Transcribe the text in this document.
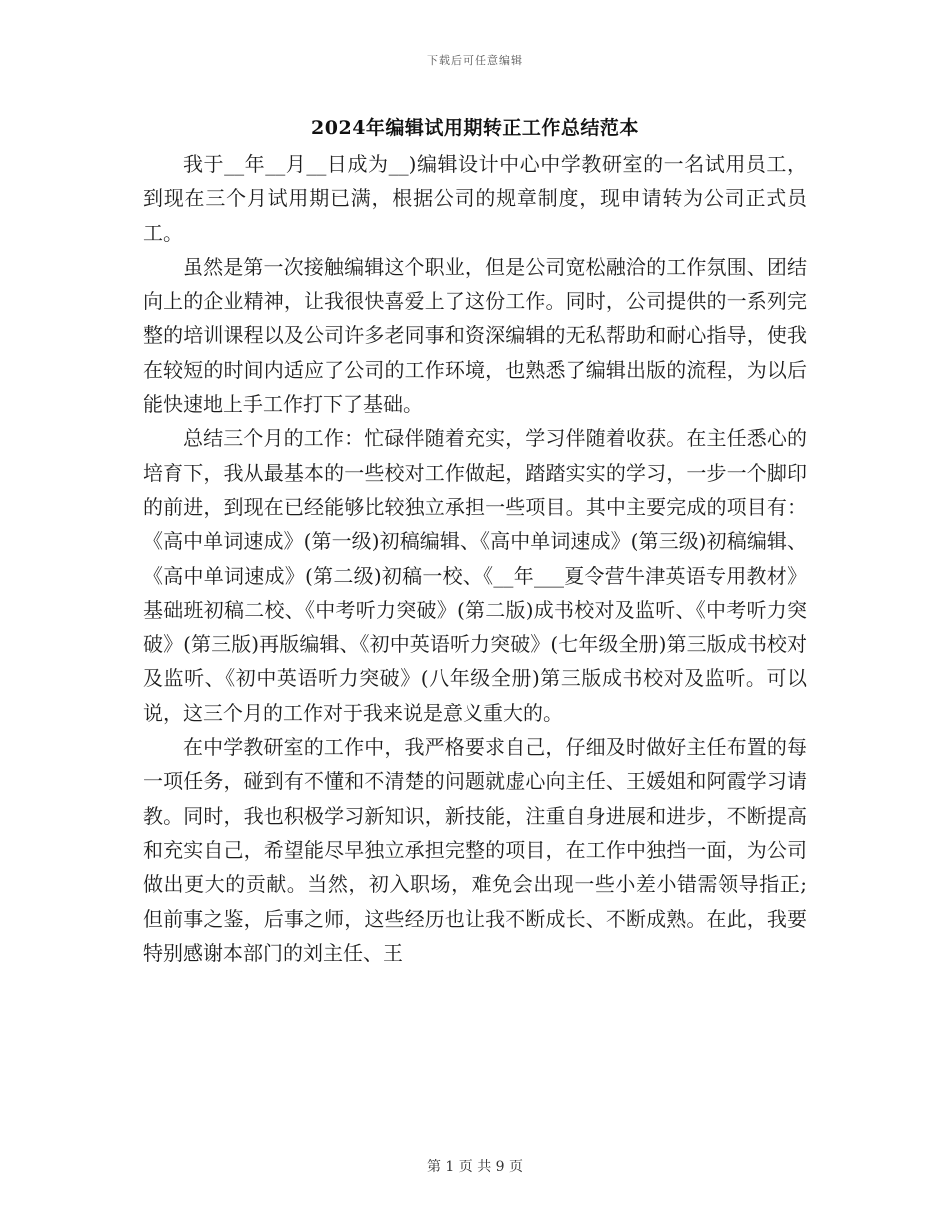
下载后可任意编辑
2024年编辑试用期转正工作总结范本

我于__年__月__日成为__)编辑设计中心中学教研室的一名试用员工，到现在三个月试用期已满，根据公司的规章制度，现申请转为公司正式员工。

虽然是第一次接触编辑这个职业，但是公司宽松融洽的工作氛围、团结向上的企业精神，让我很快喜爱上了这份工作。同时，公司提供的一系列完整的培训课程以及公司许多老同事和资深编辑的无私帮助和耐心指导，使我在较短的时间内适应了公司的工作环境，也熟悉了编辑出版的流程，为以后能快速地上手工作打下了基础。

总结三个月的工作：忙碌伴随着充实，学习伴随着收获。在主任悉心的培育下，我从最基本的一些校对工作做起，踏踏实实的学习，一步一个脚印的前进，到现在已经能够比较独立承担一些项目。其中主要完成的项目有：《高中单词速成》(第一级)初稿编辑、《高中单词速成》(第三级)初稿编辑、《高中单词速成》(第二级)初稿一校、《__年___夏令营牛津英语专用教材》基础班初稿二校、《中考听力突破》(第二版)成书校对及监听、《中考听力突破》(第三版)再版编辑、《初中英语听力突破》(七年级全册)第三版成书校对及监听、《初中英语听力突破》(八年级全册)第三版成书校对及监听。可以说，这三个月的工作对于我来说是意义重大的。

在中学教研室的工作中，我严格要求自己，仔细及时做好主任布置的每一项任务，碰到有不懂和不清楚的问题就虚心向主任、王媛姐和阿霞学习请教。同时，我也积极学习新知识，新技能，注重自身进展和进步，不断提高和充实自己，希望能尽早独立承担完整的项目，在工作中独挡一面，为公司做出更大的贡献。当然，初入职场，难免会出现一些小差小错需领导指正;但前事之鉴，后事之师，这些经历也让我不断成长、不断成熟。在此，我要特别感谢本部门的刘主任、王

第 1 页 共 9 页
